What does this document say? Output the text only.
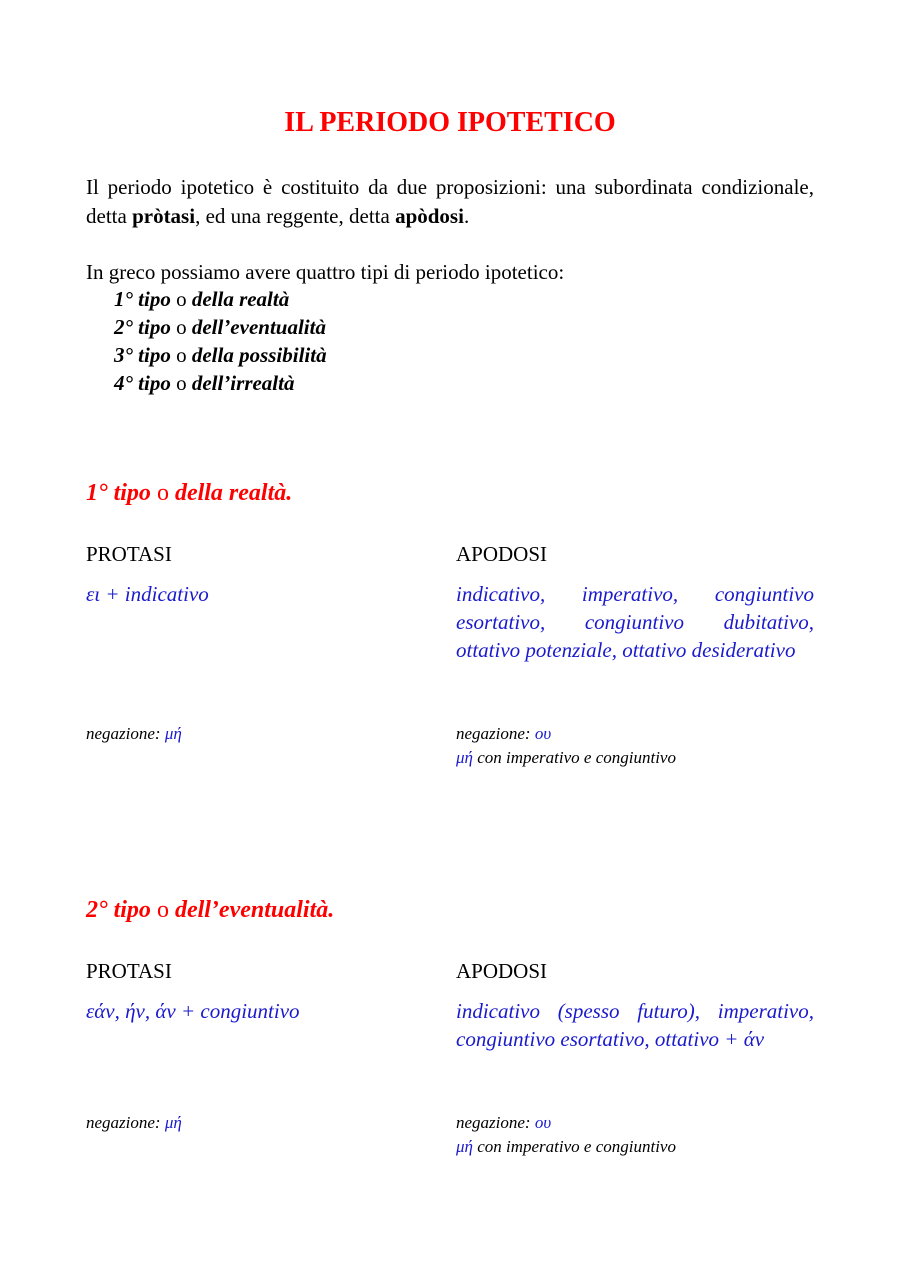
IL PERIODO IPOTETICO

Il periodo ipotetico è costituito da due proposizioni: una subordinata condizionale, detta pròtasi, ed una reggente, detta apòdosi.

In greco possiamo avere quattro tipi di periodo ipotetico:

1° tipo o della realtà
2° tipo o dell’eventualità
3° tipo o della possibilità
4° tipo o dell’irrealtà
1° tipo o della realtà.

PROTASI

ει + indicativo

negazione: μή

APODOSI

indicativo, imperativo, congiuntivo esortativo, congiuntivo dubitativo, ottativo potenziale, ottativo desiderativo

negazione: ου
μή con imperativo e congiuntivo

2° tipo o dell’eventualità.

PROTASI

εάν, ήν, άν + congiuntivo

negazione: μή

APODOSI

indicativo (spesso futuro), imperativo, congiuntivo esortativo, ottativo + άν

negazione: ου
μή con imperativo e congiuntivo
